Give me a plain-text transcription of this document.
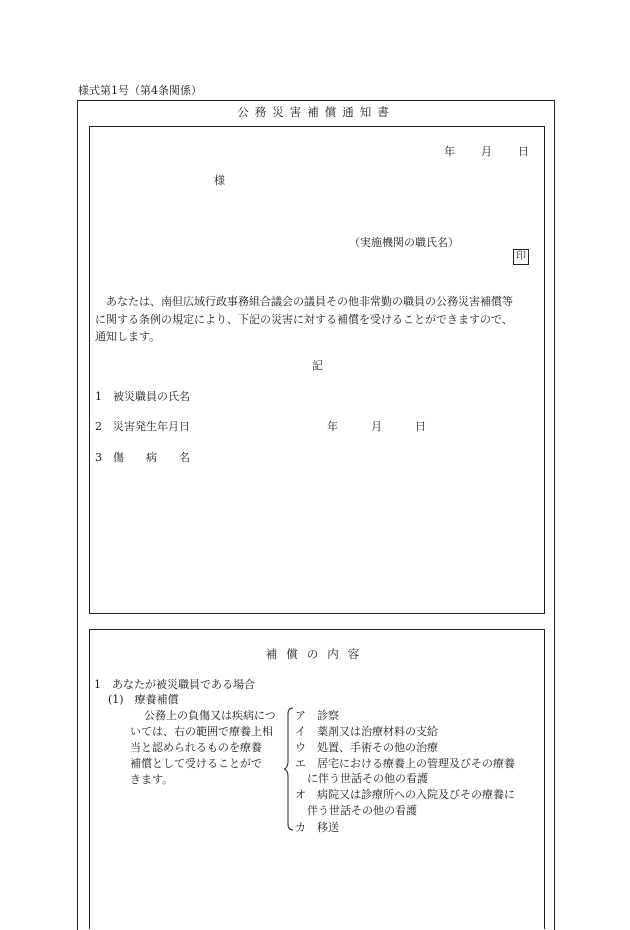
様式第1号（第4条関係）
公務災害補償通知書
年 月 日
様
（実施機関の職氏名）
印
　あなたは、南但広域行政事務組合議会の議員その他非常勤の職員の公務災害補償等
に関する条例の規定により、下記の災害に対する補償を受けることができますので、
通知します。
記
1　被災職員の氏名
2　災害発生年月日	年　　　月　　　日
3　傷　　病　　名
補償の内容
1　あなたが被災職員である場合
(1)　療養補償
公務上の負傷又は疾病につ
いては、右の範囲で療養上相
当と認められるものを療養
補償として受けることがで
きます。
ア　診察
イ　薬剤又は治療材料の支給
ウ　処置、手術その他の治療
エ　居宅における療養上の管理及びその療養
に伴う世話その他の看護
オ　病院又は診療所への入院及びその療養に
伴う世話その他の看護
カ　移送
